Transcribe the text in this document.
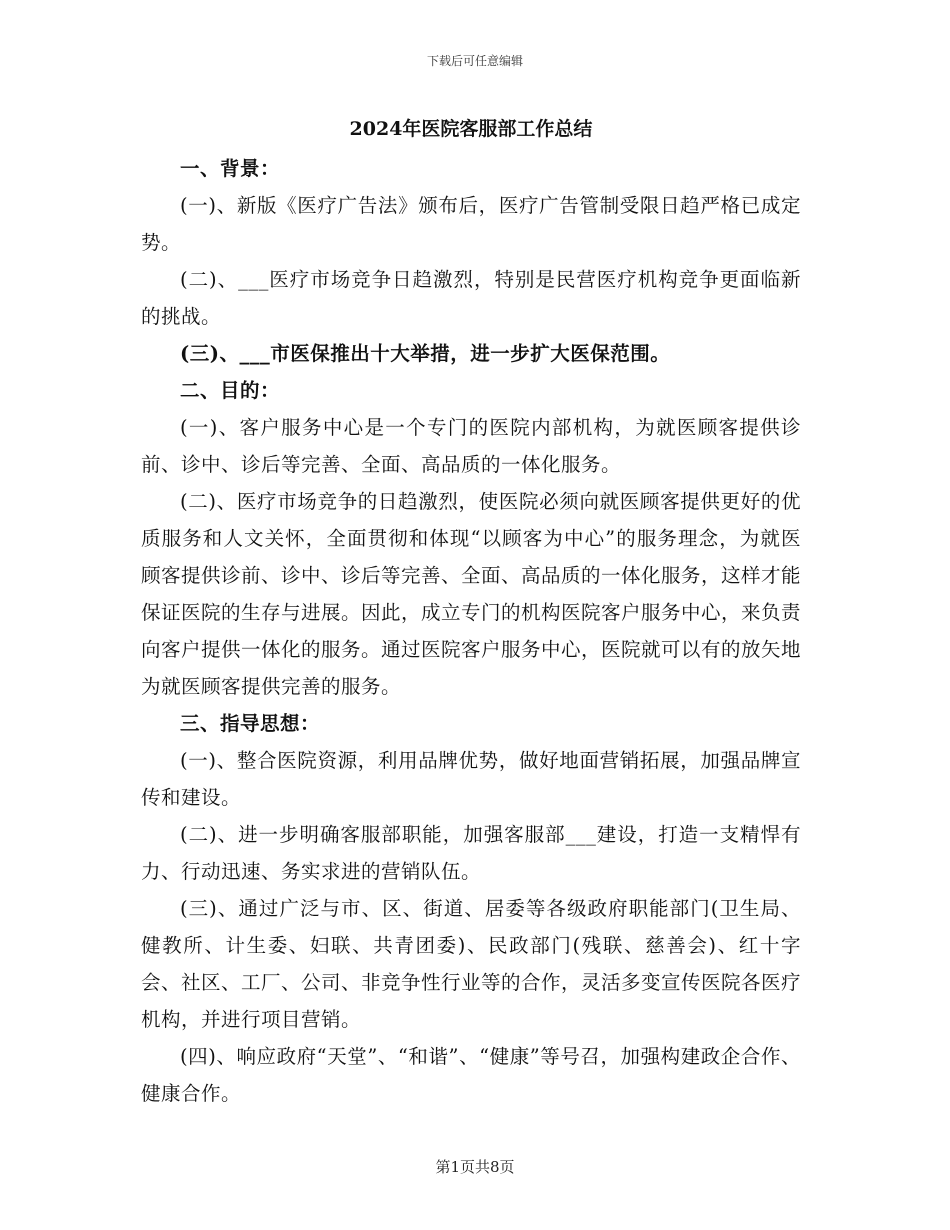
下载后可任意编辑
2024年医院客服部工作总结

一、背景：

(一)、新版《医疗广告法》颁布后，医疗广告管制受限日趋严格已成定势。

(二)、___医疗市场竞争日趋激烈，特别是民营医疗机构竞争更面临新的挑战。

(三)、___市医保推出十大举措，进一步扩大医保范围。

二、目的：

(一)、客户服务中心是一个专门的医院内部机构，为就医顾客提供诊前、诊中、诊后等完善、全面、高品质的一体化服务。

(二)、医疗市场竞争的日趋激烈，使医院必须向就医顾客提供更好的优质服务和人文关怀，全面贯彻和体现“以顾客为中心”的服务理念，为就医顾客提供诊前、诊中、诊后等完善、全面、高品质的一体化服务，这样才能保证医院的生存与进展。因此，成立专门的机构医院客户服务中心，来负责向客户提供一体化的服务。通过医院客户服务中心，医院就可以有的放矢地为就医顾客提供完善的服务。

三、指导思想：

(一)、整合医院资源，利用品牌优势，做好地面营销拓展，加强品牌宣传和建设。

(二)、进一步明确客服部职能，加强客服部___建设，打造一支精悍有力、行动迅速、务实求进的营销队伍。

(三)、通过广泛与市、区、街道、居委等各级政府职能部门(卫生局、健教所、计生委、妇联、共青团委)、民政部门(残联、慈善会)、红十字会、社区、工厂、公司、非竞争性行业等的合作，灵活多变宣传医院各医疗机构，并进行项目营销。

(四)、响应政府“天堂”、“和谐”、“健康”等号召，加强构建政企合作、健康合作。

第1页共8页
